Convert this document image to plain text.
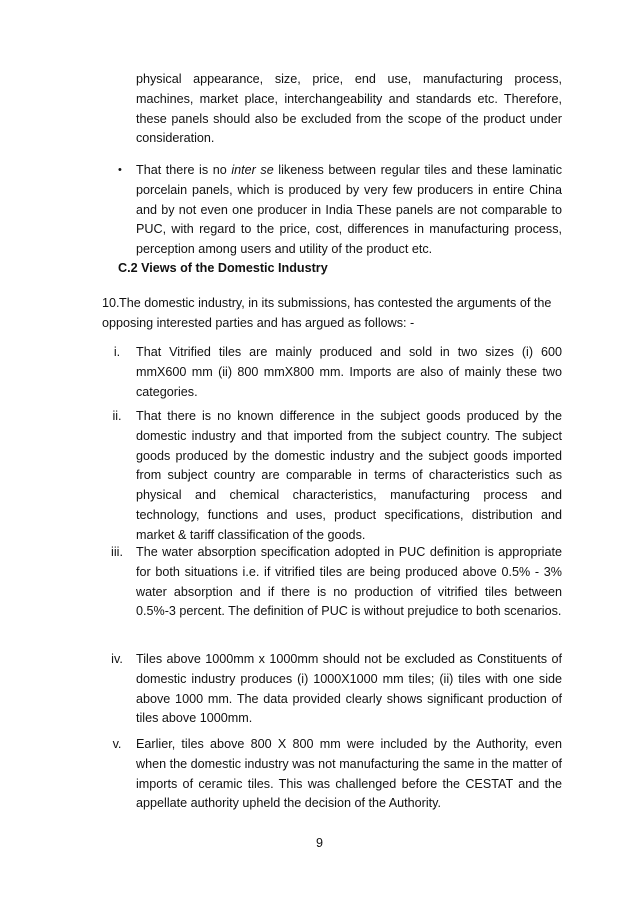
physical appearance, size, price, end use, manufacturing process, machines, market place, interchangeability and standards etc. Therefore, these panels should also be excluded from the scope of the product under consideration.

• That there is no inter se likeness between regular tiles and these laminatic porcelain panels, which is produced by very few producers in entire China and by not even one producer in India These panels are not comparable to PUC, with regard to the price, cost, differences in manufacturing process, perception among users and utility of the product etc.

C.2 Views of the Domestic Industry

10.The domestic industry, in its submissions, has contested the arguments of the opposing interested parties and has argued as follows: -

i.	That Vitrified tiles are mainly produced and sold in two sizes (i) 600 mmX600 mm (ii) 800 mmX800 mm. Imports are also of mainly these two categories.

ii.	That there is no known difference in the subject goods produced by the domestic industry and that imported from the subject country. The subject goods produced by the domestic industry and the subject goods imported from subject country are comparable in terms of characteristics such as physical and chemical characteristics, manufacturing process and technology, functions and uses, product specifications, distribution and market & tariff classification of the goods.

iii.	The water absorption specification adopted in PUC definition is appropriate for both situations i.e. if vitrified tiles are being produced above 0.5% - 3% water absorption and if there is no production of vitrified tiles between 0.5%-3 percent. The definition of PUC is without prejudice to both scenarios.

iv.	Tiles above 1000mm x 1000mm should not be excluded as Constituents of domestic industry produces (i) 1000X1000 mm tiles; (ii) tiles with one side above 1000 mm. The data provided clearly shows significant production of tiles above 1000mm.

v.	Earlier, tiles above 800 X 800 mm were included by the Authority, even when the domestic industry was not manufacturing the same in the matter of imports of ceramic tiles. This was challenged before the CESTAT and the appellate authority upheld the decision of the Authority.

9
